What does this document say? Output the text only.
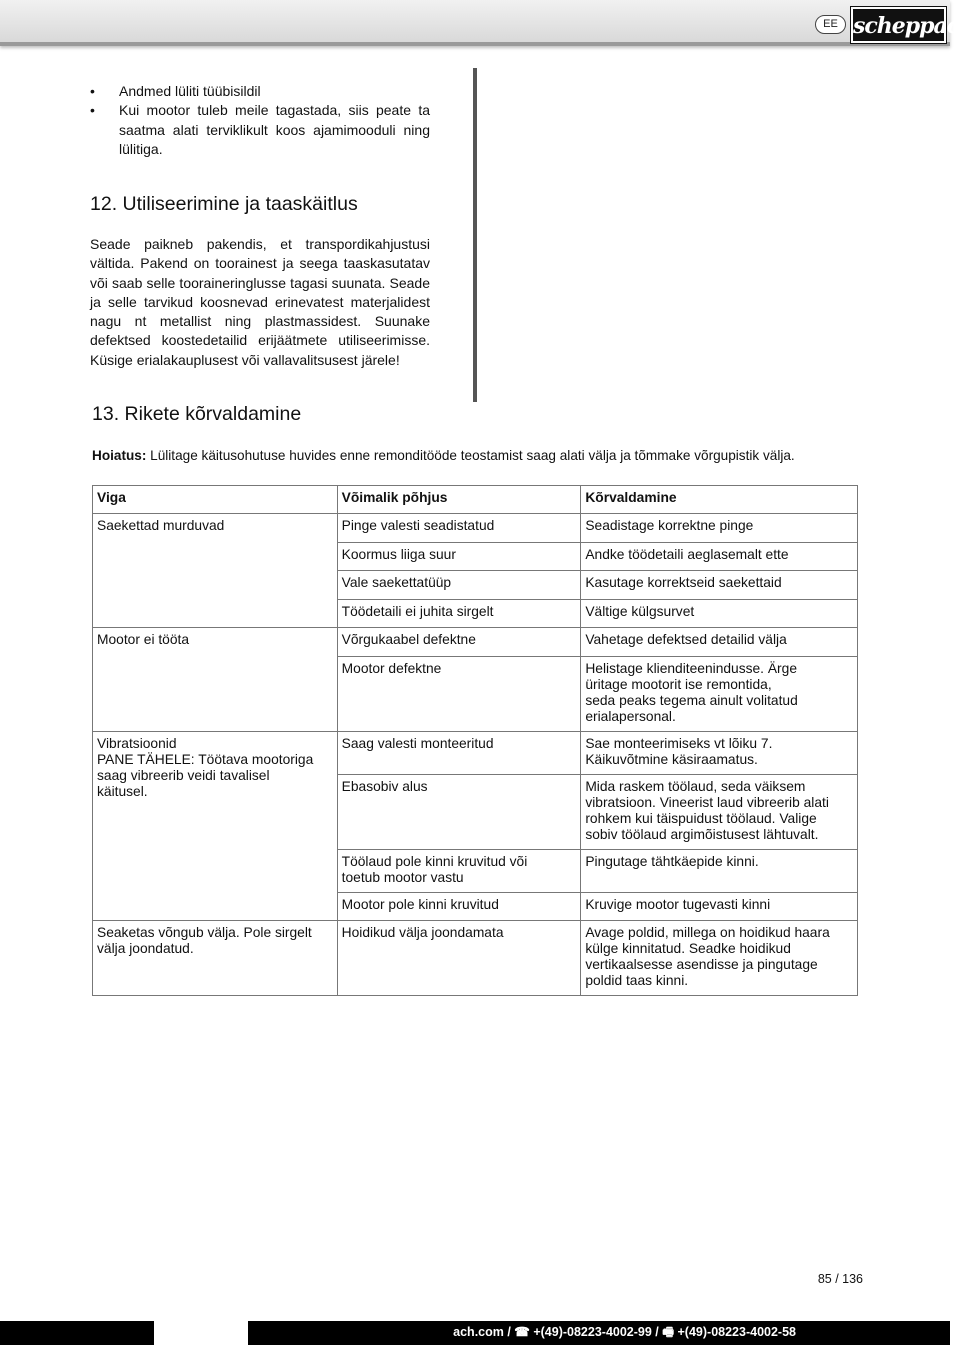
EE scheppach
• Andmed lüliti tüübisildil
• Kui mootor tuleb meile tagastada, siis peate ta saatma alati terviklikult koos ajamimooduli ning lülitiga.
12. Utiliseerimine ja taaskäitlus

Seade paikneb pakendis, et transpordikahjustusi vältida. Pakend on toorainest ja seega taaskasutatav või saab selle tooraineringlusse tagasi suunata. Seade ja selle tarvikud koosnevad erinevatest materjalidest nagu nt metallist ning plastmassidest. Suunake defektsed koostedetailid erijäätmete utiliseerimisse. Küsige erialakauplusest või vallavalitsusest järele!

13. Rikete kõrvaldamine

Hoiatus: Lülitage käitusohutuse huvides enne remonditööde teostamist saag alati välja ja tõmmake võrgupistik välja.

Viga	Võimalik põhjus	Kõrvaldamine
Saekettad murduvad	Pinge valesti seadistatud	Seadistage korrektne pinge
	Koormus liiga suur	Andke töödetaili aeglasemalt ette
	Vale saekettatüüp	Kasutage korrektseid saekettaid
	Töödetaili ei juhita sirgelt	Vältige külgsurvet
Mootor ei tööta	Võrgukaabel defektne	Vahetage defektsed detailid välja
	Mootor defektne	Helistage klienditeenindusse. Ärge
üritage mootorit ise remontida,
seda peaks tegema ainult volitatud
erialapersonal.
Vibratsioonid
PANE TÄHELE: Töötava mootoriga
saag vibreerib veidi tavalisel
käitusel.	Saag valesti monteeritud	Sae monteerimiseks vt lõiku 7.
Käikuvõtmine käsiraamatus.
	Ebasobiv alus	Mida raskem töölaud, seda väiksem
vibratsioon. Vineerist laud vibreerib alati
rohkem kui täispuidust töölaud. Valige
sobiv töölaud argimõistusest lähtuvalt.
	Töölaud pole kinni kruvitud või
toetub mootor vastu	Pingutage tähtkäepide kinni.
	Mootor pole kinni kruvitud	Kruvige mootor tugevasti kinni
Seaketas võngub välja. Pole sirgelt
välja joondatud.	Hoidikud välja joondamata	Avage poldid, millega on hoidikud haara
külge kinnitatud. Seadke hoidikud
vertikaalsesse asendisse ja pingutage
poldid taas kinni.
85 / 136
ach.com / ☎ +(49)-08223-4002-99 / 🖷 +(49)-08223-4002-58
